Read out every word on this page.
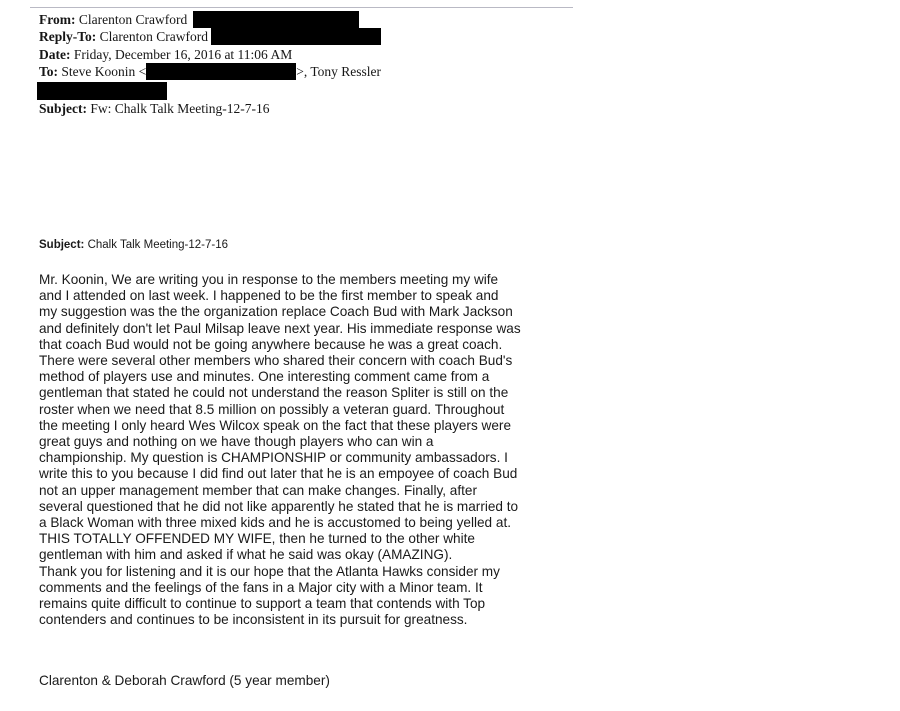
From: Clarenton Crawford
Reply-To: Clarenton Crawford
Date: Friday, December 16, 2016 at 11:06 AM
To: Steve Koonin <	>, Tony Ressler
Subject: Fw: Chalk Talk Meeting-12-7-16
Subject: Chalk Talk Meeting-12-7-16
Mr. Koonin, We are writing you in response to the members meeting my wife
and I attended on last week. I happened to be the first member to speak and
my suggestion was the the organization replace Coach Bud with Mark Jackson
and definitely don't let Paul Milsap leave next year. His immediate response was
that coach Bud would not be going anywhere because he was a great coach.
There were several other members who shared their concern with coach Bud's
method of players use and minutes. One interesting comment came from a
gentleman that stated he could not understand the reason Spliter is still on the
roster when we need that 8.5 million on possibly a veteran guard. Throughout
the meeting I only heard Wes Wilcox speak on the fact that these players were
great guys and nothing on we have though players who can win a
championship. My question is CHAMPIONSHIP or community ambassadors. I
write this to you because I did find out later that he is an empoyee of coach Bud
not an upper management member that can make changes. Finally, after
several questioned that he did not like apparently he stated that he is married to
a Black Woman with three mixed kids and he is accustomed to being yelled at.
THIS TOTALLY OFFENDED MY WIFE, then he turned to the other white
gentleman with him and asked if what he said was okay (AMAZING).
Thank you for listening and it is our hope that the Atlanta Hawks consider my
comments and the feelings of the fans in a Major city with a Minor team. It
remains quite difficult to continue to support a team that contends with Top
contenders and continues to be inconsistent in its pursuit for greatness.
Clarenton & Deborah Crawford (5 year member)
